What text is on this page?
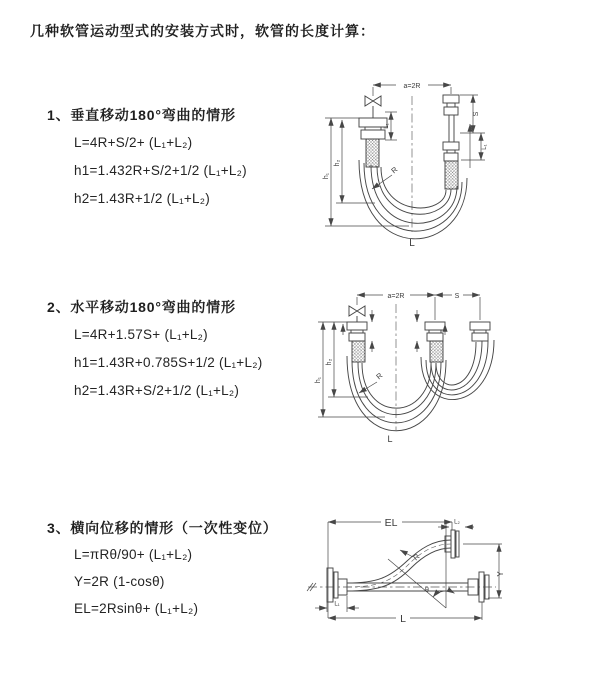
几种软管运动型式的安装方式时，软管的长度计算：
1、垂直移动180°弯曲的情形
L=4R+S/2+ (L₁+L₂)
h1=1.432R+S/2+1/2 (L₁+L₂)
h2=1.43R+1/2 (L₁+L₂)
2、水平移动180°弯曲的情形
L=4R+1.57S+ (L₁+L₂)
h1=1.43R+0.785S+1/2 (L₁+L₂)
h2=1.43R+S/2+1/2 (L₁+L₂)
3、横向位移的情形（一次性变位）
L=πRθ/90+ (L₁+L₂)
Y=2R (1-cosθ)
EL=2Rsinθ+ (L₁+L₂)
a=2R
h₁
h₂
L₁
S
L₁
R
L
a=2R	S
h₁
h₂
R
L
EL	L₂
Y
L
L₁
θ
R
